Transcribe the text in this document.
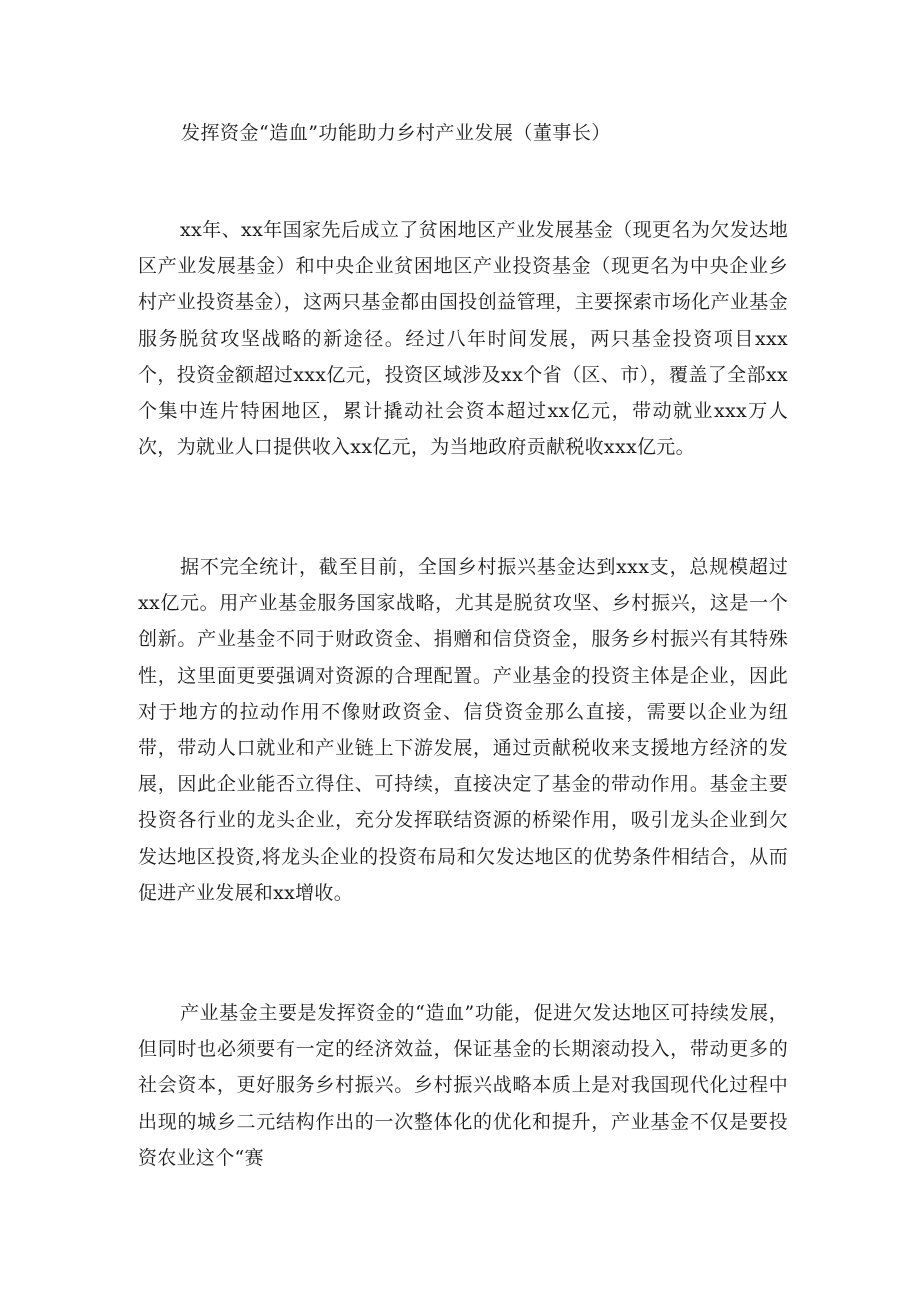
发挥资金“造血”功能助力乡村产业发展（董事长）

xx年、xx年国家先后成立了贫困地区产业发展基金（现更名为欠发达地区产业发展基金）和中央企业贫困地区产业投资基金（现更名为中央企业乡村产业投资基金），这两只基金都由国投创益管理，主要探索市场化产业基金服务脱贫攻坚战略的新途径。经过八年时间发展，两只基金投资项目xxx个，投资金额超过xxx亿元，投资区域涉及xx个省（区、市），覆盖了全部xx个集中连片特困地区，累计撬动社会资本超过xx亿元，带动就业xxx万人次，为就业人口提供收入xx亿元，为当地政府贡献税收xxx亿元。

据不完全统计，截至目前，全国乡村振兴基金达到xxx支，总规模超过xx亿元。用产业基金服务国家战略，尤其是脱贫攻坚、乡村振兴，这是一个创新。产业基金不同于财政资金、捐赠和信贷资金，服务乡村振兴有其特殊性，这里面更要强调对资源的合理配置。产业基金的投资主体是企业，因此对于地方的拉动作用不像财政资金、信贷资金那么直接，需要以企业为纽带，带动人口就业和产业链上下游发展，通过贡献税收来支援地方经济的发展，因此企业能否立得住、可持续，直接决定了基金的带动作用。基金主要投资各行业的龙头企业，充分发挥联结资源的桥梁作用，吸引龙头企业到欠发达地区投资,将龙头企业的投资布局和欠发达地区的优势条件相结合，从而促进产业发展和xx增收。

产业基金主要是发挥资金的“造血”功能，促进欠发达地区可持续发展，但同时也必须要有一定的经济效益，保证基金的长期滚动投入，带动更多的社会资本，更好服务乡村振兴。乡村振兴战略本质上是对我国现代化过程中出现的城乡二元结构作出的一次整体化的优化和提升，产业基金不仅是要投资农业这个“赛
